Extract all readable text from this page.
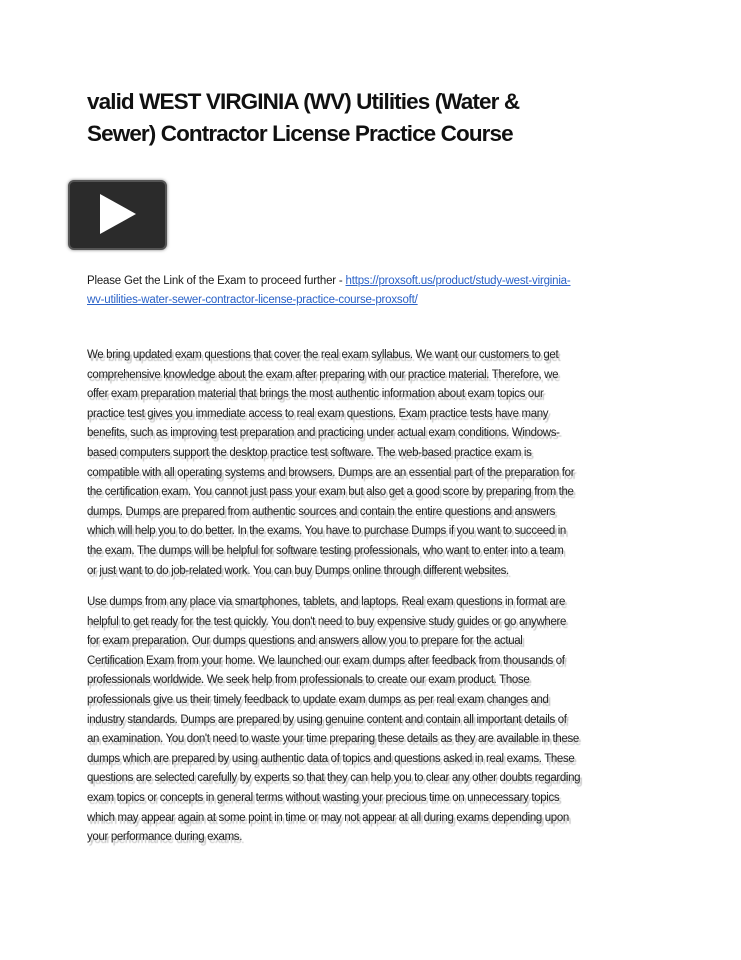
valid WEST VIRGINIA (WV) Utilities (Water &
Sewer) Contractor License Practice Course
Please Get the Link of the Exam to proceed further - https://proxsoft.us/product/study-west-virginia-
wv-utilities-water-sewer-contractor-license-practice-course-proxsoft/
We bring updated exam questions that cover the real exam syllabus. We want our customers to get
comprehensive knowledge about the exam after preparing with our practice material. Therefore, we
offer exam preparation material that brings the most authentic information about exam topics our
practice test gives you immediate access to real exam questions. Exam practice tests have many
benefits, such as improving test preparation and practicing under actual exam conditions. Windows-
based computers support the desktop practice test software. The web-based practice exam is
compatible with all operating systems and browsers. Dumps are an essential part of the preparation for
the certification exam. You cannot just pass your exam but also get a good score by preparing from the
dumps. Dumps are prepared from authentic sources and contain the entire questions and answers
which will help you to do better. In the exams. You have to purchase Dumps if you want to succeed in
the exam. The dumps will be helpful for software testing professionals, who want to enter into a team
or just want to do job-related work. You can buy Dumps online through different websites.
Use dumps from any place via smartphones, tablets, and laptops. Real exam questions in format are
helpful to get ready for the test quickly. You don't need to buy expensive study guides or go anywhere
for exam preparation. Our dumps questions and answers allow you to prepare for the actual
Certification Exam from your home. We launched our exam dumps after feedback from thousands of
professionals worldwide. We seek help from professionals to create our exam product. Those
professionals give us their timely feedback to update exam dumps as per real exam changes and
industry standards. Dumps are prepared by using genuine content and contain all important details of
an examination. You don't need to waste your time preparing these details as they are available in these
dumps which are prepared by using authentic data of topics and questions asked in real exams. These
questions are selected carefully by experts so that they can help you to clear any other doubts regarding
exam topics or concepts in general terms without wasting your precious time on unnecessary topics
which may appear again at some point in time or may not appear at all during exams depending upon
your performance during exams.
